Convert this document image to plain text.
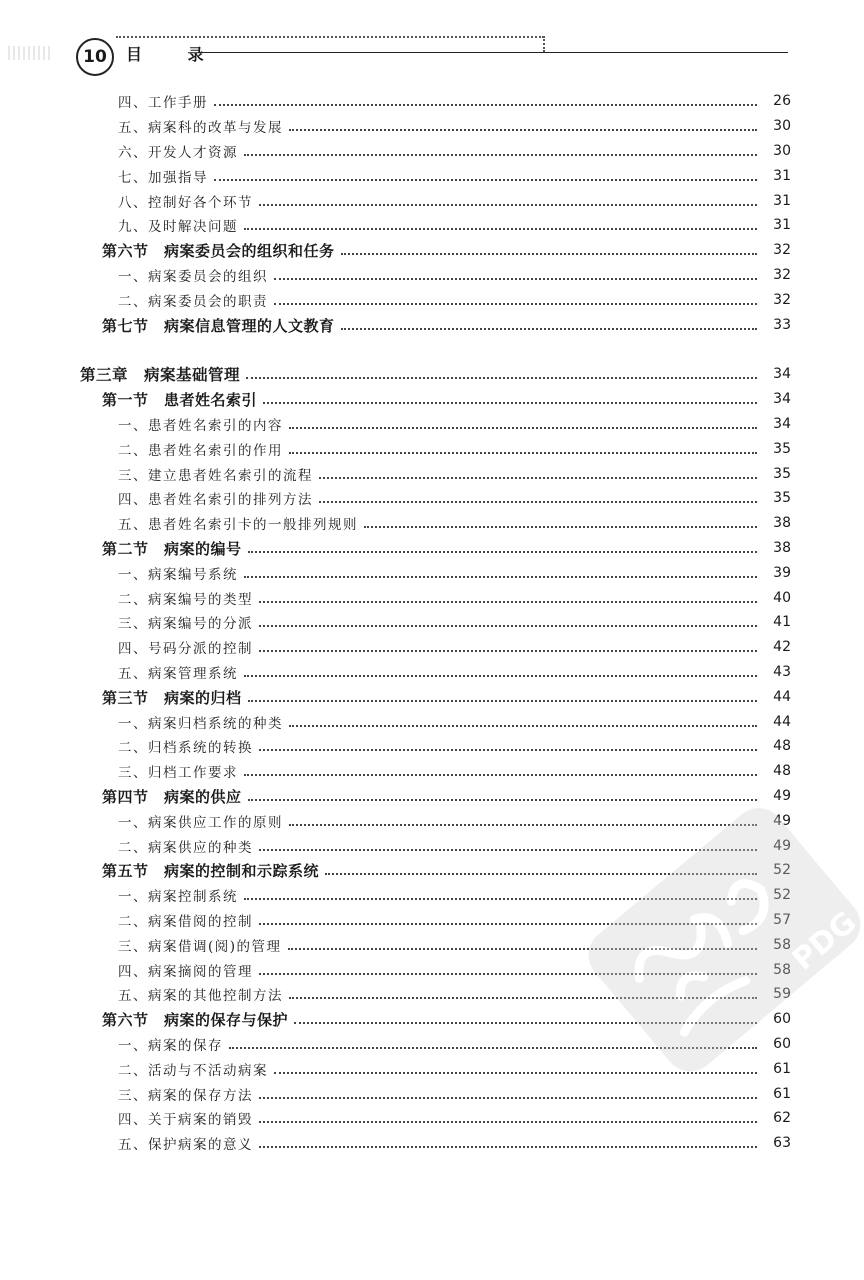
10 目 录
四、工作手册	26
五、病案科的改革与发展	30
六、开发人才资源	30
七、加强指导	31
八、控制好各个环节	31
九、及时解决问题	31
第六节　病案委员会的组织和任务	32
一、病案委员会的组织	32
二、病案委员会的职责	32
第七节　病案信息管理的人文教育	33
第三章　病案基础管理	34
第一节　患者姓名索引	34
一、患者姓名索引的内容	34
二、患者姓名索引的作用	35
三、建立患者姓名索引的流程	35
四、患者姓名索引的排列方法	35
五、患者姓名索引卡的一般排列规则	38
第二节　病案的编号	38
一、病案编号系统	39
二、病案编号的类型	40
三、病案编号的分派	41
四、号码分派的控制	42
五、病案管理系统	43
第三节　病案的归档	44
一、病案归档系统的种类	44
二、归档系统的转换	48
三、归档工作要求	48
第四节　病案的供应	49
一、病案供应工作的原则	49
二、病案供应的种类	49
第五节　病案的控制和示踪系统	52
一、病案控制系统	52
二、病案借阅的控制	57
三、病案借调(阅)的管理	58
四、病案摘阅的管理	58
五、病案的其他控制方法	59
第六节　病案的保存与保护	60
一、病案的保存	60
二、活动与不活动病案	61
三、病案的保存方法	61
四、关于病案的销毁	62
五、保护病案的意义	63
PDG
